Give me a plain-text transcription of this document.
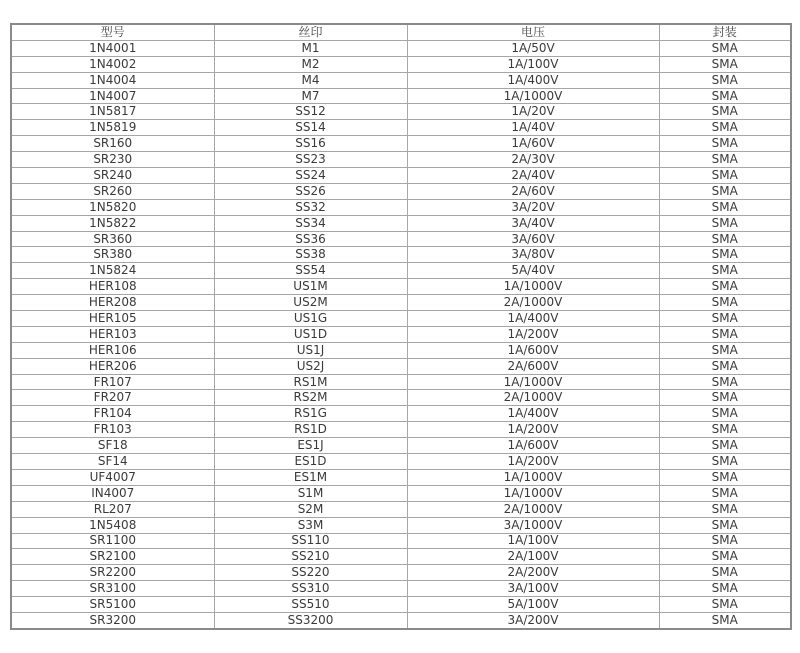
型号	丝印	电压	封装
1N4001	M1	1A/50V	SMA
1N4002	M2	1A/100V	SMA
1N4004	M4	1A/400V	SMA
1N4007	M7	1A/1000V	SMA
1N5817	SS12	1A/20V	SMA
1N5819	SS14	1A/40V	SMA
SR160	SS16	1A/60V	SMA
SR230	SS23	2A/30V	SMA
SR240	SS24	2A/40V	SMA
SR260	SS26	2A/60V	SMA
1N5820	SS32	3A/20V	SMA
1N5822	SS34	3A/40V	SMA
SR360	SS36	3A/60V	SMA
SR380	SS38	3A/80V	SMA
1N5824	SS54	5A/40V	SMA
HER108	US1M	1A/1000V	SMA
HER208	US2M	2A/1000V	SMA
HER105	US1G	1A/400V	SMA
HER103	US1D	1A/200V	SMA
HER106	US1J	1A/600V	SMA
HER206	US2J	2A/600V	SMA
FR107	RS1M	1A/1000V	SMA
FR207	RS2M	2A/1000V	SMA
FR104	RS1G	1A/400V	SMA
FR103	RS1D	1A/200V	SMA
SF18	ES1J	1A/600V	SMA
SF14	ES1D	1A/200V	SMA
UF4007	ES1M	1A/1000V	SMA
IN4007	S1M	1A/1000V	SMA
RL207	S2M	2A/1000V	SMA
1N5408	S3M	3A/1000V	SMA
SR1100	SS110	1A/100V	SMA
SR2100	SS210	2A/100V	SMA
SR2200	SS220	2A/200V	SMA
SR3100	SS310	3A/100V	SMA
SR5100	SS510	5A/100V	SMA
SR3200	SS3200	3A/200V	SMA
